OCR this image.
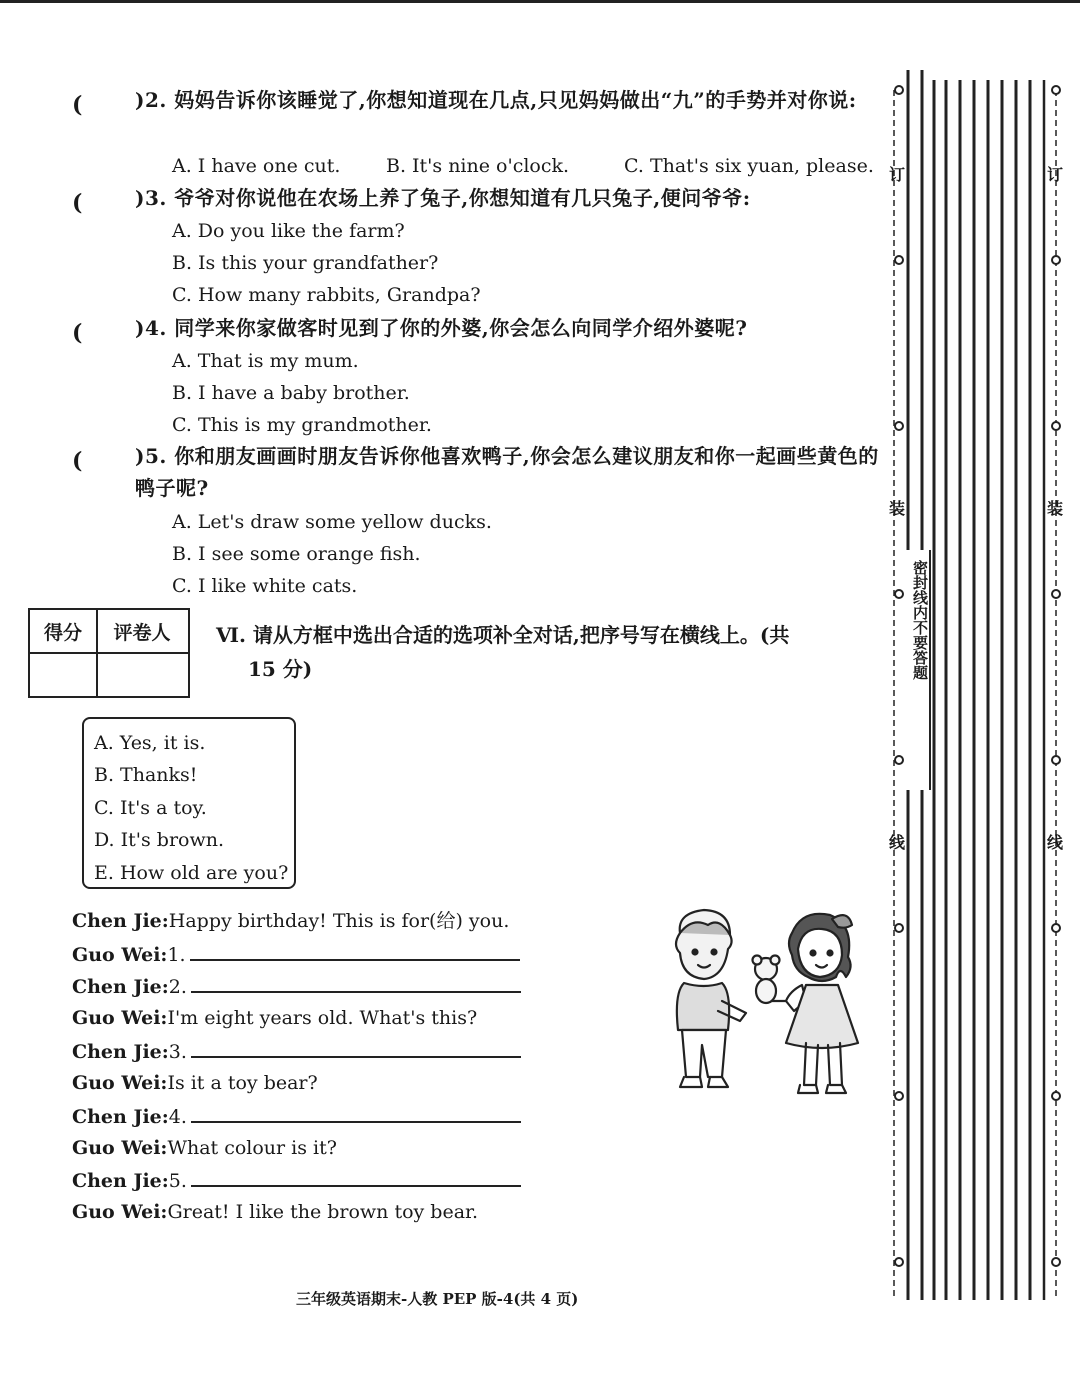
(	)2. 妈妈告诉你该睡觉了,你想知道现在几点,只见妈妈做出“九”的手势并对你说:
A. I have one cut. B. It's nine o'clock.	C. That's six yuan, please.
(	)3. 爷爷对你说他在农场上养了兔子,你想知道有几只兔子,便问爷爷:
A. Do you like the farm?
B. Is this your grandfather?
C. How many rabbits, Grandpa?
(	)4. 同学来你家做客时见到了你的外婆,你会怎么向同学介绍外婆呢?
A. That is my mum.
B. I have a baby brother.
C. This is my grandmother.
(	)5. 你和朋友画画时朋友告诉你他喜欢鸭子,你会怎么建议朋友和你一起画些黄色的鸭子呢?
A. Let's draw some yellow ducks.
B. I see some orange fish.
C. I like white cats.
得分	评卷人	Ⅵ. 请从方框中选出合适的选项补全对话,把序号写在横线上。(共
15 分)
A. Yes, it is.
B. Thanks!
C. It's a toy.
D. It's brown.
E. How old are you?
Chen Jie:Happy birthday! This is for(给) you.
Guo Wei:1.
Chen Jie:2.
Guo Wei:I'm eight years old. What's this?
Chen Jie:3.
Guo Wei:Is it a toy bear?
Chen Jie:4.
Guo Wei:What colour is it?
Chen Jie:5.
Guo Wei:Great! I like the brown toy bear.
三年级英语期末-人教 PEP 版-4(共 4 页)
密封线内不要答题
订
装
线
订
装
线
